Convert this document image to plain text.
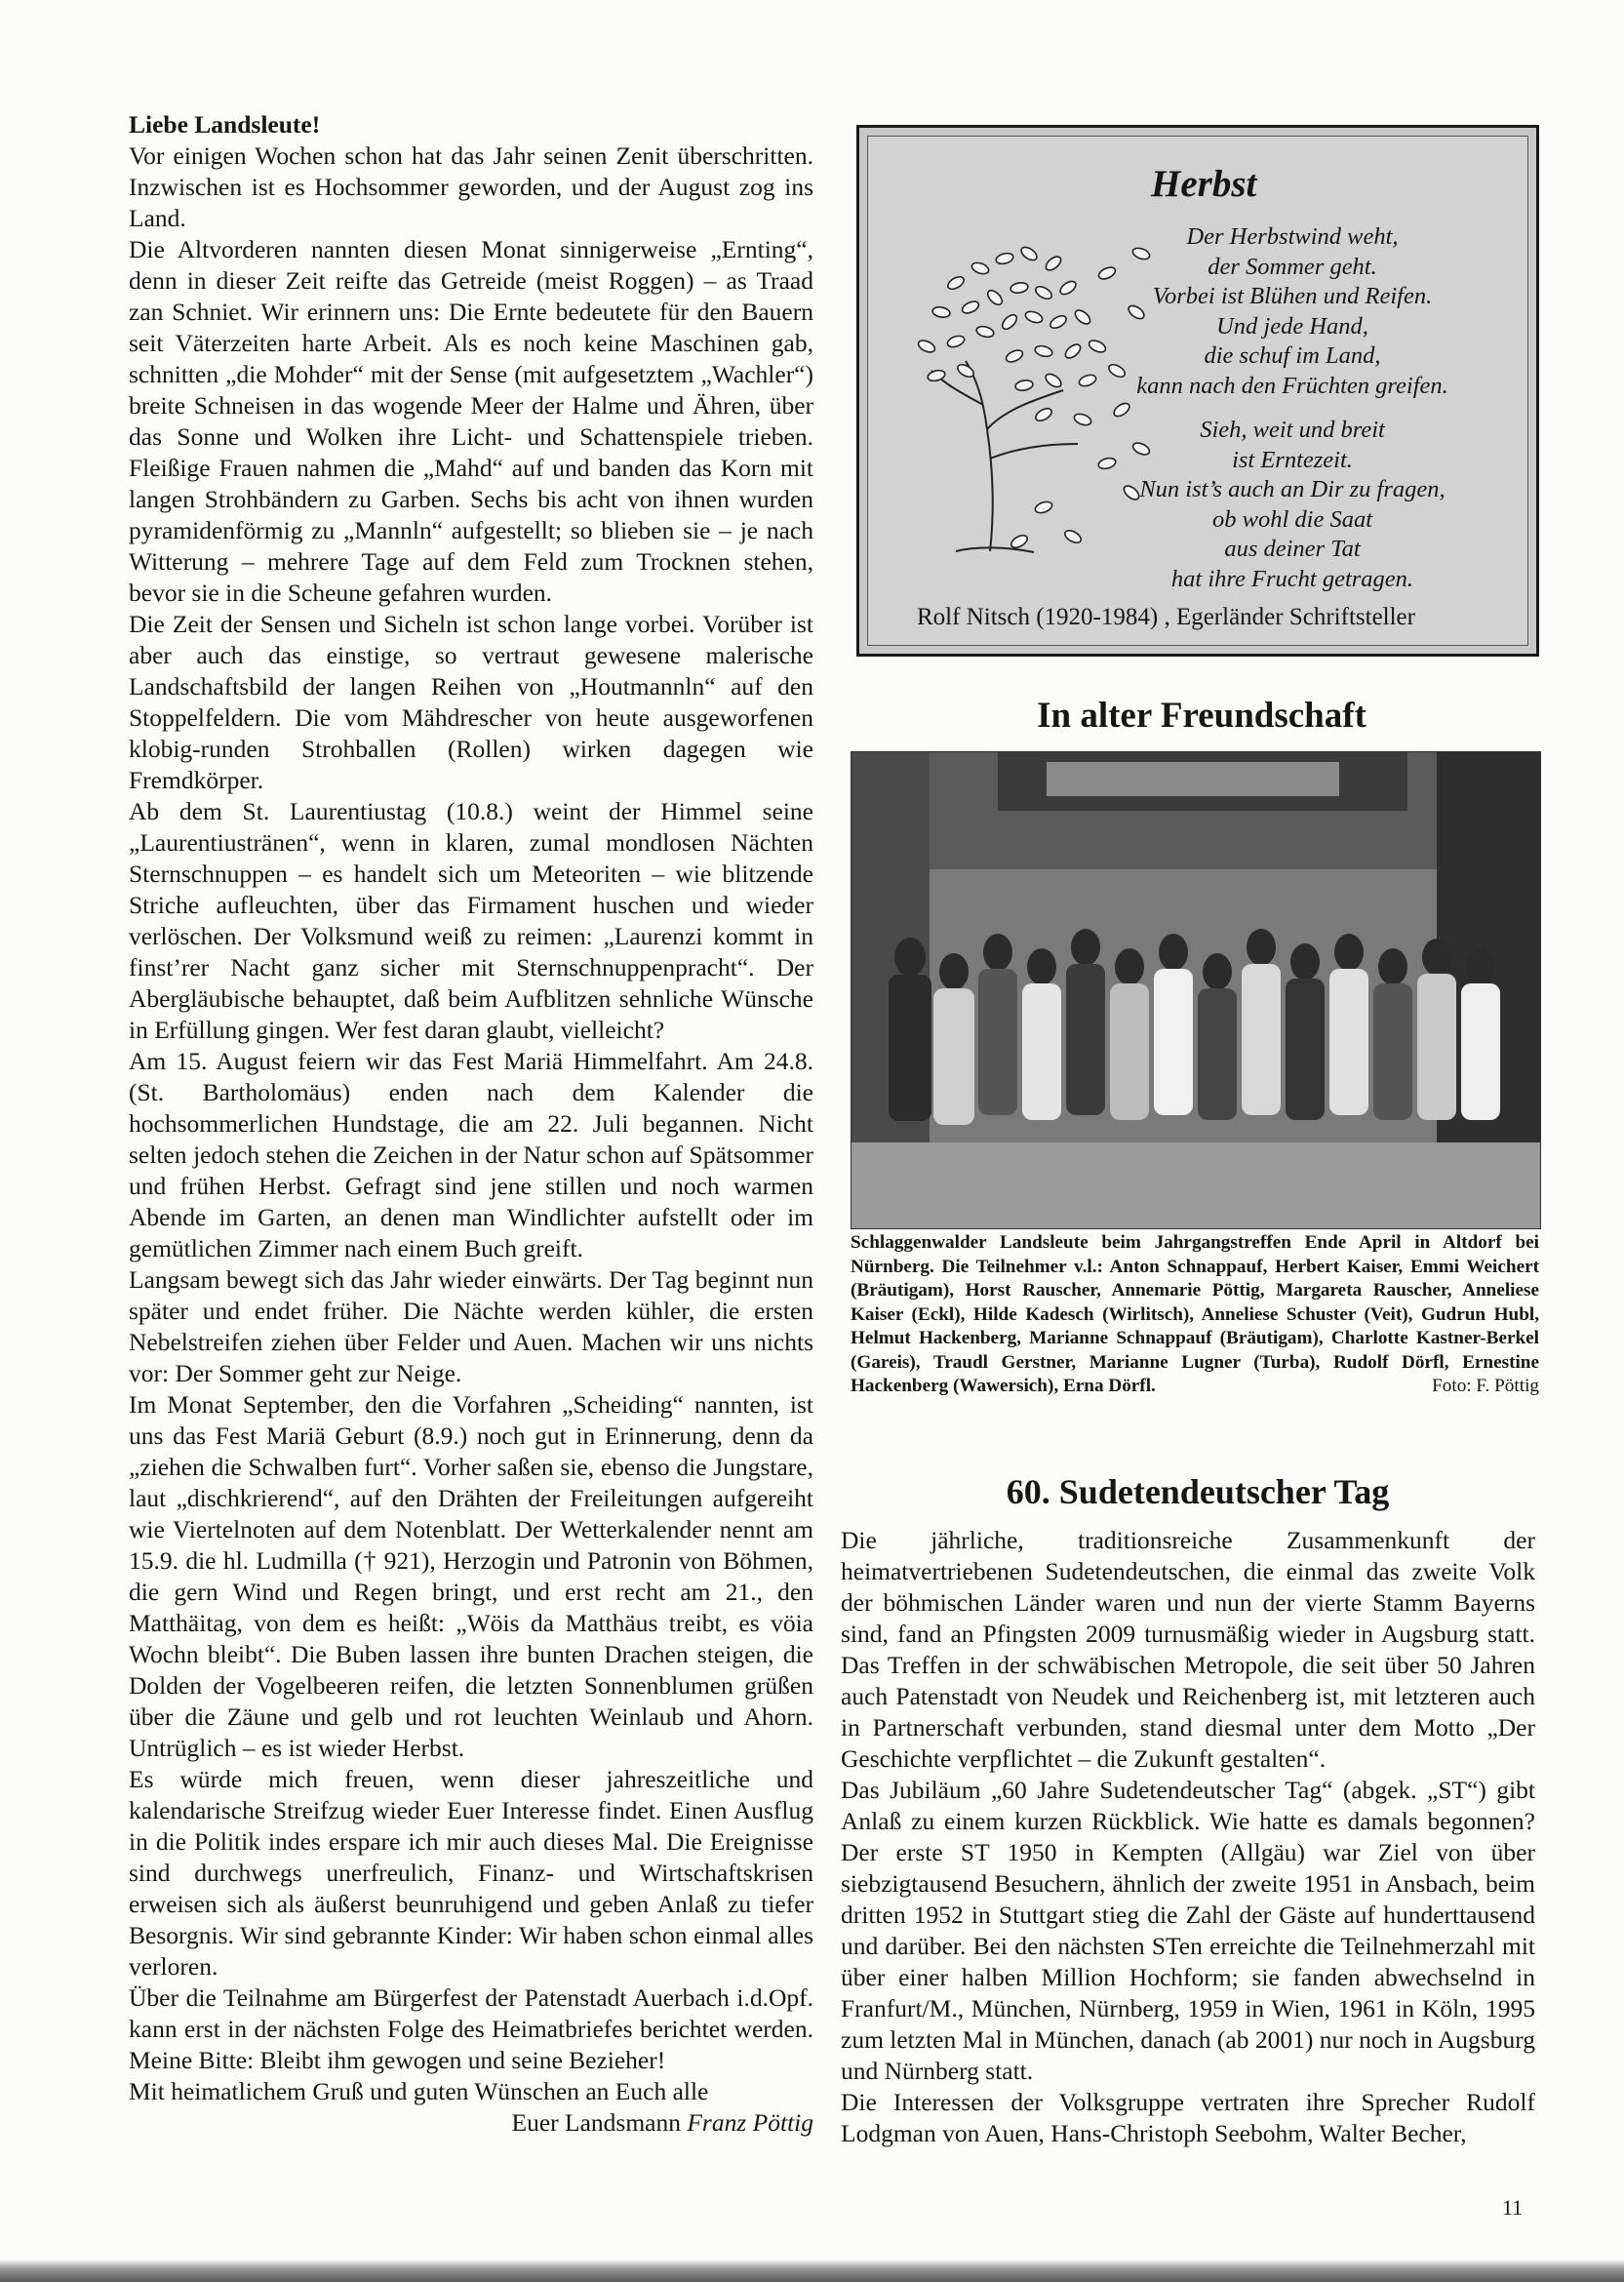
Liebe Landsleute!

Vor einigen Wochen schon hat das Jahr seinen Zenit überschritten. Inzwischen ist es Hochsommer geworden, und der August zog ins Land.

Die Altvorderen nannten diesen Monat sinnigerweise „Ernting“, denn in dieser Zeit reifte das Getreide (meist Roggen) – as Traad zan Schniet. Wir erinnern uns: Die Ernte bedeutete für den Bauern seit Väterzeiten harte Arbeit. Als es noch keine Maschinen gab, schnitten „die Mohder“ mit der Sense (mit aufgesetztem „Wachler“) breite Schneisen in das wogende Meer der Halme und Ähren, über das Sonne und Wolken ihre Licht- und Schattenspiele trieben. Fleißige Frauen nahmen die „Mahd“ auf und banden das Korn mit langen Strohbändern zu Garben. Sechs bis acht von ihnen wurden pyramidenförmig zu „Mannln“ aufgestellt; so blieben sie – je nach Witterung – mehrere Tage auf dem Feld zum Trocknen stehen, bevor sie in die Scheune gefahren wurden.

Die Zeit der Sensen und Sicheln ist schon lange vorbei. Vorüber ist aber auch das einstige, so vertraut gewesene malerische Landschaftsbild der langen Reihen von „Houtmannln“ auf den Stoppelfeldern. Die vom Mähdrescher von heute ausgeworfenen klobig-runden Strohballen (Rollen) wirken dagegen wie Fremdkörper.

Ab dem St. Laurentiustag (10.8.) weint der Himmel seine „Laurentiustränen“, wenn in klaren, zumal mondlosen Nächten Sternschnuppen – es handelt sich um Meteoriten – wie blitzende Striche aufleuchten, über das Firmament huschen und wieder verlöschen. Der Volksmund weiß zu reimen: „Laurenzi kommt in finst’rer Nacht ganz sicher mit Sternschnuppenpracht“. Der Abergläubische behauptet, daß beim Aufblitzen sehnliche Wünsche in Erfüllung gingen. Wer fest daran glaubt, vielleicht?

Am 15. August feiern wir das Fest Mariä Himmelfahrt. Am 24.8. (St. Bartholomäus) enden nach dem Kalender die hochsommerlichen Hundstage, die am 22. Juli begannen. Nicht selten jedoch stehen die Zeichen in der Natur schon auf Spätsommer und frühen Herbst. Gefragt sind jene stillen und noch warmen Abende im Garten, an denen man Windlichter aufstellt oder im gemütlichen Zimmer nach einem Buch greift.

Langsam bewegt sich das Jahr wieder einwärts. Der Tag beginnt nun später und endet früher. Die Nächte werden kühler, die ersten Nebelstreifen ziehen über Felder und Auen. Machen wir uns nichts vor: Der Sommer geht zur Neige.

Im Monat September, den die Vorfahren „Scheiding“ nannten, ist uns das Fest Mariä Geburt (8.9.) noch gut in Erinnerung, denn da „ziehen die Schwalben furt“. Vorher saßen sie, ebenso die Jungstare, laut „dischkrierend“, auf den Drähten der Freileitungen aufgereiht wie Viertelnoten auf dem Notenblatt. Der Wetterkalender nennt am 15.9. die hl. Ludmilla († 921), Herzogin und Patronin von Böhmen, die gern Wind und Regen bringt, und erst recht am 21., den Matthäitag, von dem es heißt: „Wöis da Matthäus treibt, es vöia Wochn bleibt“. Die Buben lassen ihre bunten Drachen steigen, die Dolden der Vogelbeeren reifen, die letzten Sonnenblumen grüßen über die Zäune und gelb und rot leuchten Weinlaub und Ahorn. Untrüglich – es ist wieder Herbst.

Es würde mich freuen, wenn dieser jahreszeitliche und kalendarische Streifzug wieder Euer Interesse findet. Einen Ausflug in die Politik indes erspare ich mir auch dieses Mal. Die Ereignisse sind durchwegs unerfreulich, Finanz- und Wirtschaftskrisen erweisen sich als äußerst beunruhigend und geben Anlaß zu tiefer Besorgnis. Wir sind gebrannte Kinder: Wir haben schon einmal alles verloren.

Über die Teilnahme am Bürgerfest der Patenstadt Auerbach i.d.Opf. kann erst in der nächsten Folge des Heimatbriefes berichtet werden. Meine Bitte: Bleibt ihm gewogen und seine Bezieher!

Mit heimatlichem Gruß und guten Wünschen an Euch alle

Euer Landsmann Franz Pöttig

Herbst

Der Herbstwind weht,
der Sommer geht.
Vorbei ist Blühen und Reifen.
Und jede Hand,
die schuf im Land,
kann nach den Früchten greifen.
Sieh, weit und breit
ist Erntezeit.
Nun ist’s auch an Dir zu fragen,
ob wohl die Saat
aus deiner Tat
hat ihre Frucht getragen.
Rolf Nitsch (1920-1984) , Egerländer Schriftsteller
In alter Freundschaft
Schlaggenwalder Landsleute beim Jahrgangstreffen Ende April in Altdorf bei Nürnberg. Die Teilnehmer v.l.: Anton Schnappauf, Herbert Kaiser, Emmi Weichert (Bräutigam), Horst Rauscher, Annemarie Pöttig, Margareta Rauscher, Anneliese Kaiser (Eckl), Hilde Kadesch (Wirlitsch), Anneliese Schuster (Veit), Gudrun Hubl, Helmut Hackenberg, Marianne Schnappauf (Bräutigam), Charlotte Kastner-Berkel (Gareis), Traudl Gerstner, Marianne Lugner (Turba), Rudolf Dörfl, Ernestine Hackenberg (Wawersich), Erna Dörfl.	Foto: F. Pöttig
60. Sudetendeutscher Tag

Die jährliche, traditionsreiche Zusammenkunft der heimatvertriebenen Sudetendeutschen, die einmal das zweite Volk der böhmischen Länder waren und nun der vierte Stamm Bayerns sind, fand an Pfingsten 2009 turnusmäßig wieder in Augsburg statt. Das Treffen in der schwäbischen Metropole, die seit über 50 Jahren auch Patenstadt von Neudek und Reichenberg ist, mit letzteren auch in Partnerschaft verbunden, stand diesmal unter dem Motto „Der Geschichte verpflichtet – die Zukunft gestalten“.

Das Jubiläum „60 Jahre Sudetendeutscher Tag“ (abgek. „ST“) gibt Anlaß zu einem kurzen Rückblick. Wie hatte es damals begonnen? Der erste ST 1950 in Kempten (Allgäu) war Ziel von über siebzigtausend Besuchern, ähnlich der zweite 1951 in Ansbach, beim dritten 1952 in Stuttgart stieg die Zahl der Gäste auf hunderttausend und darüber. Bei den nächsten STen erreichte die Teilnehmerzahl mit über einer halben Million Hochform; sie fanden abwechselnd in Franfurt/M., München, Nürnberg, 1959 in Wien, 1961 in Köln, 1995 zum letzten Mal in München, danach (ab 2001) nur noch in Augsburg und Nürnberg statt.

Die Interessen der Volksgruppe vertraten ihre Sprecher Rudolf Lodgman von Auen, Hans-Christoph Seebohm, Walter Becher,

11
